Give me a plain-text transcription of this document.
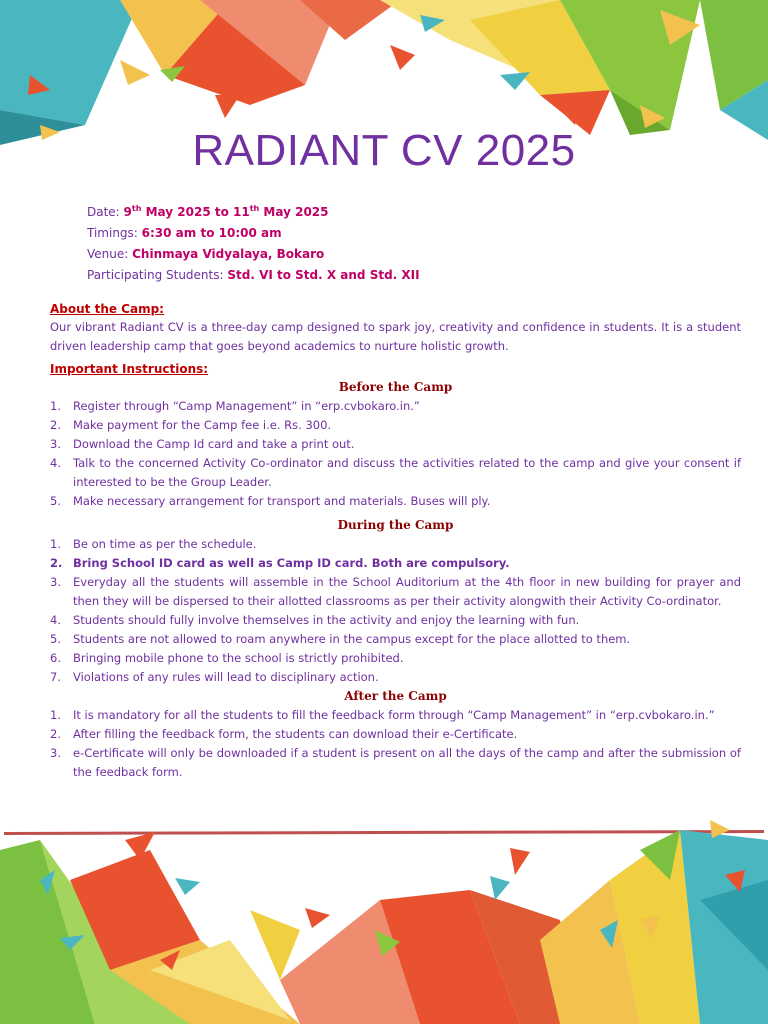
RADIANT CV 2025
Date: 9th May 2025 to 11th May 2025
Timings: 6:30 am to 10:00 am
Venue: Chinmaya Vidyalaya, Bokaro
Participating Students: Std. VI to Std. X and Std. XII
About the Camp:
Our vibrant Radiant CV is a three-day camp designed to spark joy, creativity and confidence in students. It is a student driven leadership camp that goes beyond academics to nurture holistic growth.
Important Instructions:
Before the Camp
1. Register through “Camp Management” in “erp.cvbokaro.in.”
2. Make payment for the Camp fee i.e. Rs. 300.
3. Download the Camp Id card and take a print out.
4. Talk to the concerned Activity Co-ordinator and discuss the activities related to the camp and give your consent if interested to be the Group Leader.
5. Make necessary arrangement for transport and materials. Buses will ply.
During the Camp
1. Be on time as per the schedule.
2. Bring School ID card as well as Camp ID card. Both are compulsory.
3. Everyday all the students will assemble in the School Auditorium at the 4th floor in new building for prayer and then they will be dispersed to their allotted classrooms as per their activity alongwith their Activity Co-ordinator.
4. Students should fully involve themselves in the activity and enjoy the learning with fun.
5. Students are not allowed to roam anywhere in the campus except for the place allotted to them.
6. Bringing mobile phone to the school is strictly prohibited.
7. Violations of any rules will lead to disciplinary action.
After the Camp
1. It is mandatory for all the students to fill the feedback form through “Camp Management” in “erp.cvbokaro.in.”
2. After filling the feedback form, the students can download their e-Certificate.
3. e-Certificate will only be downloaded if a student is present on all the days of the camp and after the submission of the feedback form.
